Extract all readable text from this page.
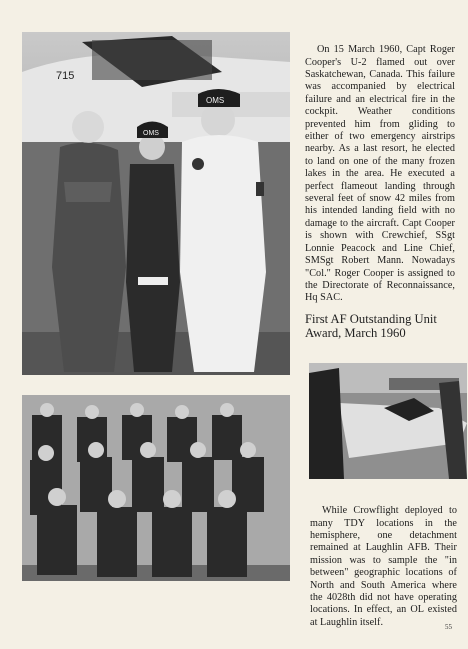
715
OMS
OMS

On 15 March 1960, Capt Roger Cooper's U-2 flamed out over Saskatchewan, Canada. This failure was accompanied by electrical failure and an electrical fire in the cockpit. Weather conditions prevented him from gliding to either of two emergency airstrips nearby. As a last resort, he elected to land on one of the many frozen lakes in the area. He executed a perfect flameout landing through several feet of snow 42 miles from his intended landing field with no damage to the aircraft. Capt Cooper is shown with Crewchief, SSgt Lonnie Peacock and Line Chief, SMSgt Robert Mann. Nowadays "Col." Roger Cooper is assigned to the Directorate of Reconnaissance, Hq SAC.

First AF Outstanding Unit Award, March 1960

While Crowflight deployed to many TDY locations in the hemisphere, one detachment remained at Laughlin AFB. Their mission was to sample the "in between" geographic locations of North and South America where the 4028th did not have operating locations. In effect, an OL existed at Laughlin itself.	55
